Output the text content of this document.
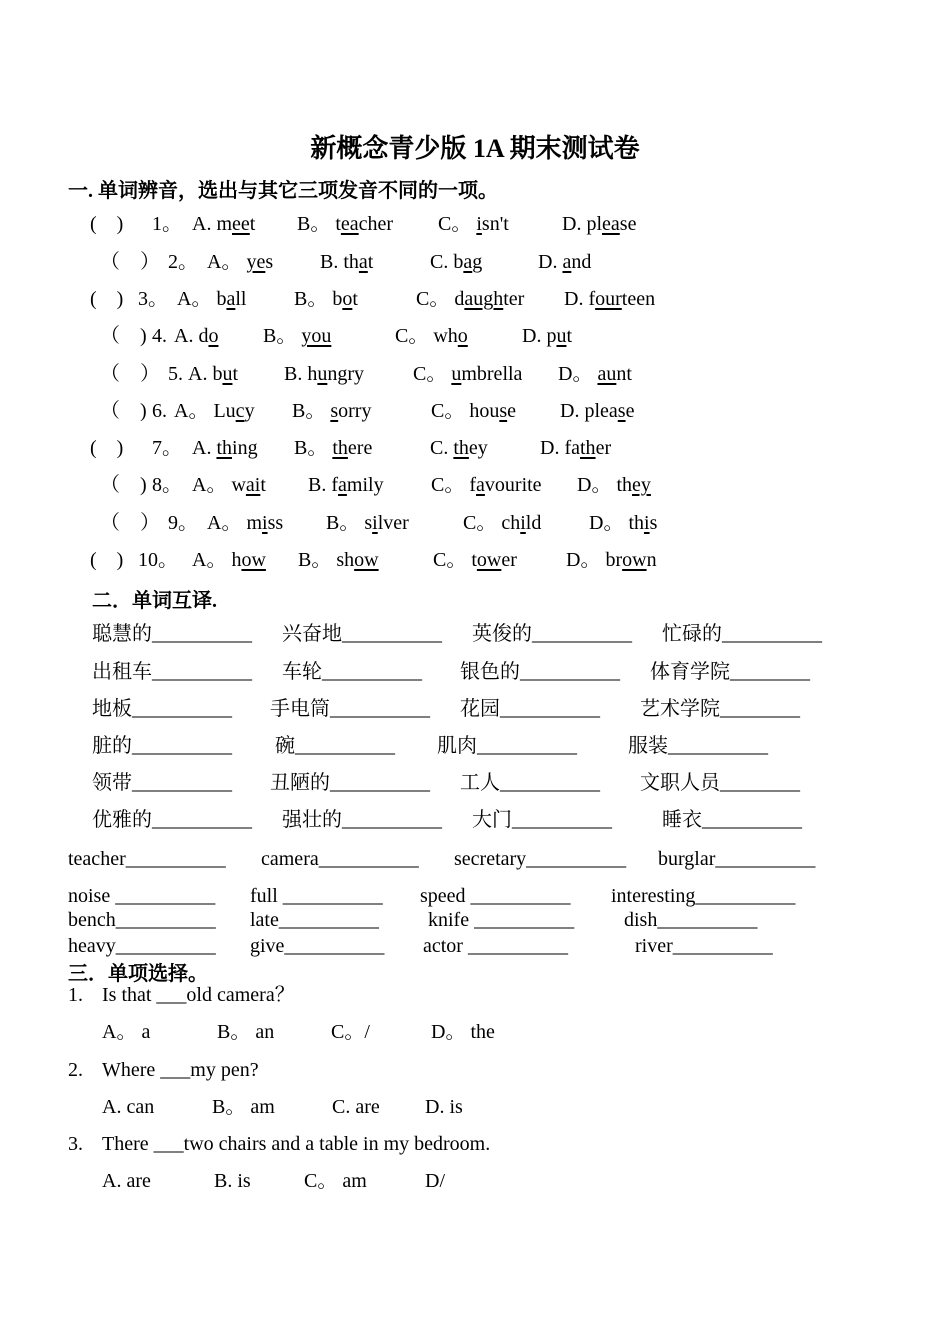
新概念青少版 1A 期末测试卷
一. 单词辨音，选出与其它三项发音不同的一项。
(　) 1。 A. meet B。 teacher C。 isn't	D. please
（　） 2。 A。 yes B. that	C. bag	D. and
(　) 3。 A。 ball B。 bot	C。 daughter D. fourteen
（　) 4. A. do B。 you	C。 who	D. put
（　） 5. A. but B. hungry C。 umbrella D。 aunt
（　) 6. A。 Lucy B。 sorry	C。 house D. please
(　) 7。 A. thing B。 there	C. they	D. father
（　) 8。 A。 wait B. family C。 favourite D。 they
（　） 9。 A。 miss B。 silver	C。 child D。 this
(　) 10。 A。 how B。 show	C。 tower D。 brown
二．单词互译.
聪慧的__________ 兴奋地__________ 英俊的__________ 忙碌的__________
出租车__________ 车轮__________ 银色的__________ 体育学院________
地板__________ 手电筒__________ 花园__________ 艺术学院________
脏的__________ 碗__________ 肌肉__________	服装__________
领带__________ 丑陋的__________ 工人__________ 文职人员________
优雅的__________ 强壮的__________ 大门__________	睡衣__________
teacher__________ camera__________ secretary__________ burglar__________
noise __________ full __________ speed __________ interesting__________
bench__________ late__________ knife __________ dish__________
heavy__________ give__________ actor __________	river__________
三．单项选择。
1. Is that ___old camera？
A。 a	B。 an	C。/	D。 the
2. Where ___my pen?
A. can	B。 am	C. are D. is
3. There ___two chairs and a table in my bedroom.
A. are	B. is	C。 am	D/
